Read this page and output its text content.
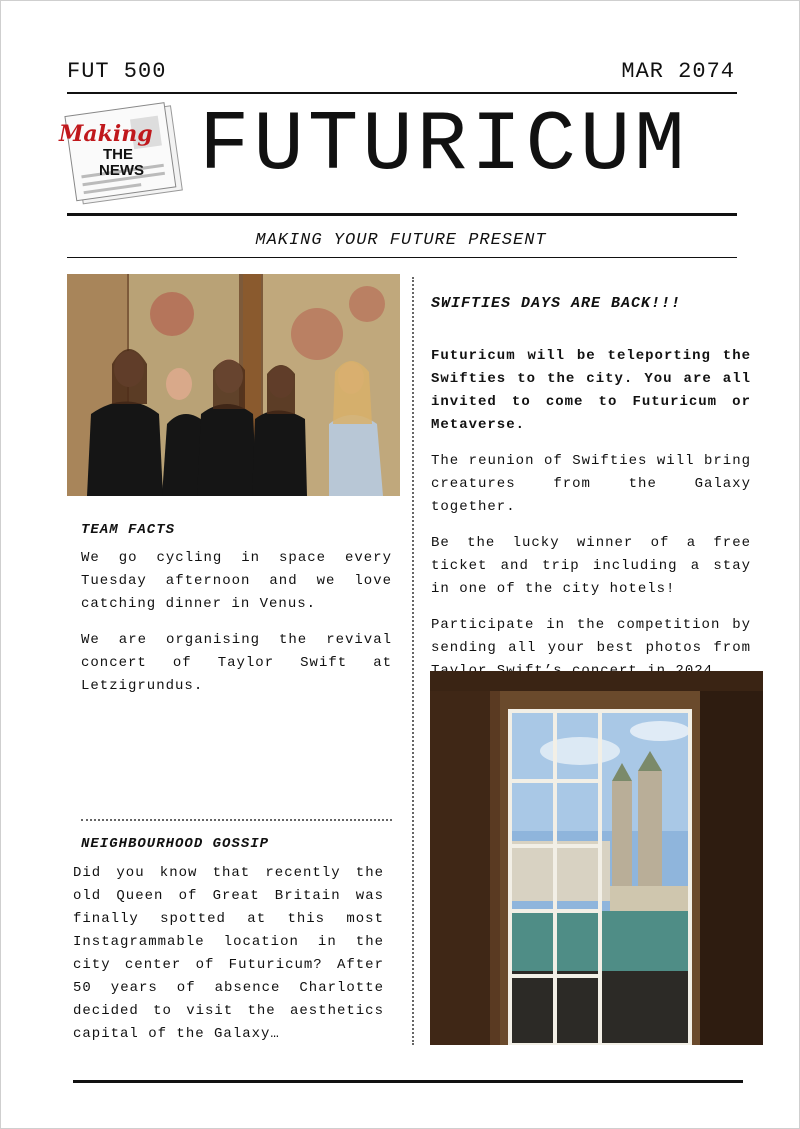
FUT 500	MAR 2074
Making
THE
NEWS FUTURICUM
MAKING YOUR FUTURE PRESENT
TEAM FACTS

We go cycling in space every Tuesday afternoon and we love catching dinner in Venus.

We are organising the revival concert of Taylor Swift at Letzigrundus.

NEIGHBOURHOOD GOSSIP

Did you know that recently the old Queen of Great Britain was finally spotted at this most Instagrammable location in the city center of Futuricum? After 50 years of absence Charlotte decided to visit the aesthetics capital of the Galaxy…

SWIFTIES DAYS ARE BACK!!!

Futuricum will be teleporting the Swifties to the city. You are all invited to come to Futuricum or Metaverse.

The reunion of Swifties will bring creatures from the Galaxy together.

Be the lucky winner of a free ticket and trip including a stay in one of the city hotels!

Participate in the competition by sending all your best photos from
